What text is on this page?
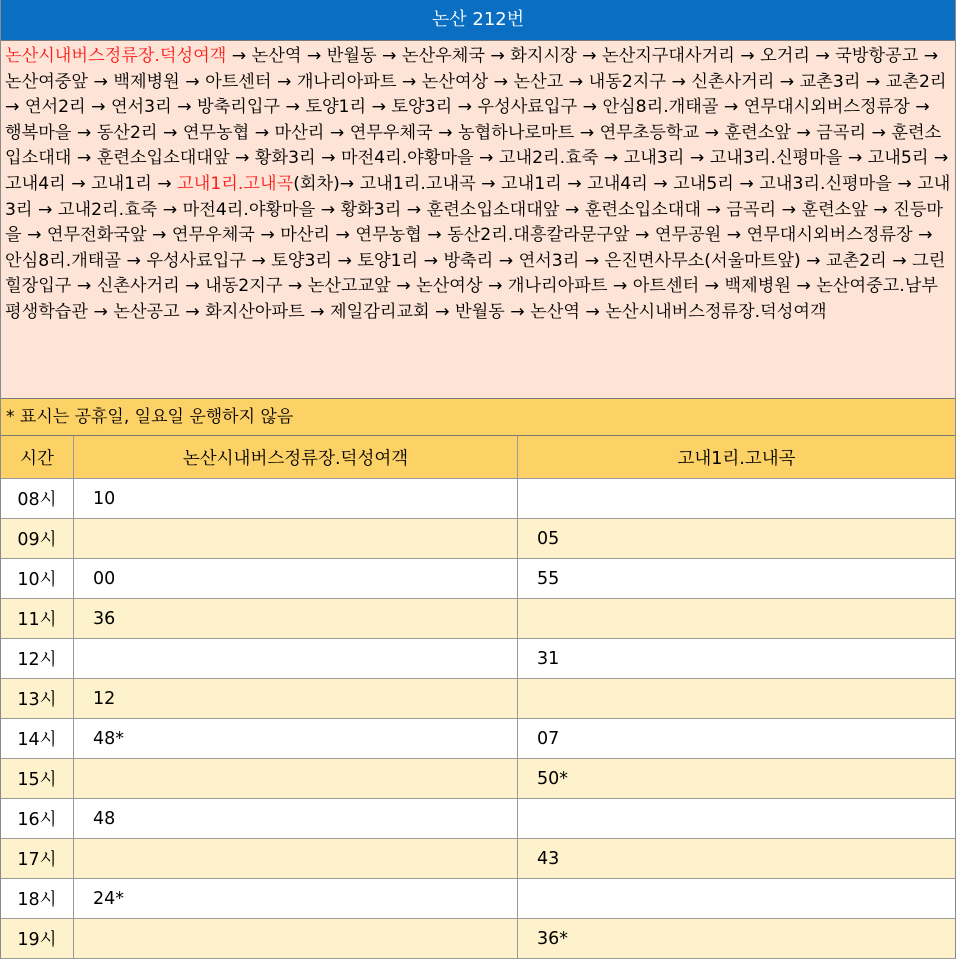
논산 212번
논산시내버스정류장.덕성여객 → 논산역 → 반월동 → 논산우체국 → 화지시장 → 논산지구대사거리 → 오거리 → 국방항공고 → 논산여중앞 → 백제병원 → 아트센터 → 개나리아파트 → 논산여상 → 논산고 → 내동2지구 → 신촌사거리 → 교촌3리 → 교촌2리 → 연서2리 → 연서3리 → 방축리입구 → 토양1리 → 토양3리 → 우성사료입구 → 안심8리.개태골 → 연무대시외버스정류장 → 행복마을 → 동산2리 → 연무농협 → 마산리 → 연무우체국 → 농협하나로마트 → 연무초등학교 → 훈련소앞 → 금곡리 → 훈련소입소대대 → 훈련소입소대대앞 → 황화3리 → 마전4리.야황마을 → 고내2리.효죽 → 고내3리 → 고내3리.신평마을 → 고내5리 → 고내4리 → 고내1리 → 고내1리.고내곡(회차)→ 고내1리.고내곡 → 고내1리 → 고내4리 → 고내5리 → 고내3리.신평마을 → 고내3리 → 고내2리.효죽 → 마전4리.야황마을 → 황화3리 → 훈련소입소대대앞 → 훈련소입소대대 → 금곡리 → 훈련소앞 → 진등마을 → 연무전화국앞 → 연무우체국 → 마산리 → 연무농협 → 동산2리.대흥칼라문구앞 → 연무공원 → 연무대시외버스정류장 → 안심8리.개태골 → 우성사료입구 → 토양3리 → 토양1리 → 방축리 → 연서3리 → 은진면사무소(서울마트앞) → 교촌2리 → 그린힐장입구 → 신촌사거리 → 내동2지구 → 논산고교앞 → 논산여상 → 개나리아파트 → 아트센터 → 백제병원 → 논산여중고.남부평생학습관 → 논산공고 → 화지산아파트 → 제일감리교회 → 반월동 → 논산역 → 논산시내버스정류장.덕성여객
* 표시는 공휴일, 일요일 운행하지 않음
시간	논산시내버스정류장.덕성여객	고내1리.고내곡
08시	10	
09시		05
10시	00	55
11시	36	
12시		31
13시	12	
14시	48*	07
15시		50*
16시	48	
17시		43
18시	24*	
19시		36*
